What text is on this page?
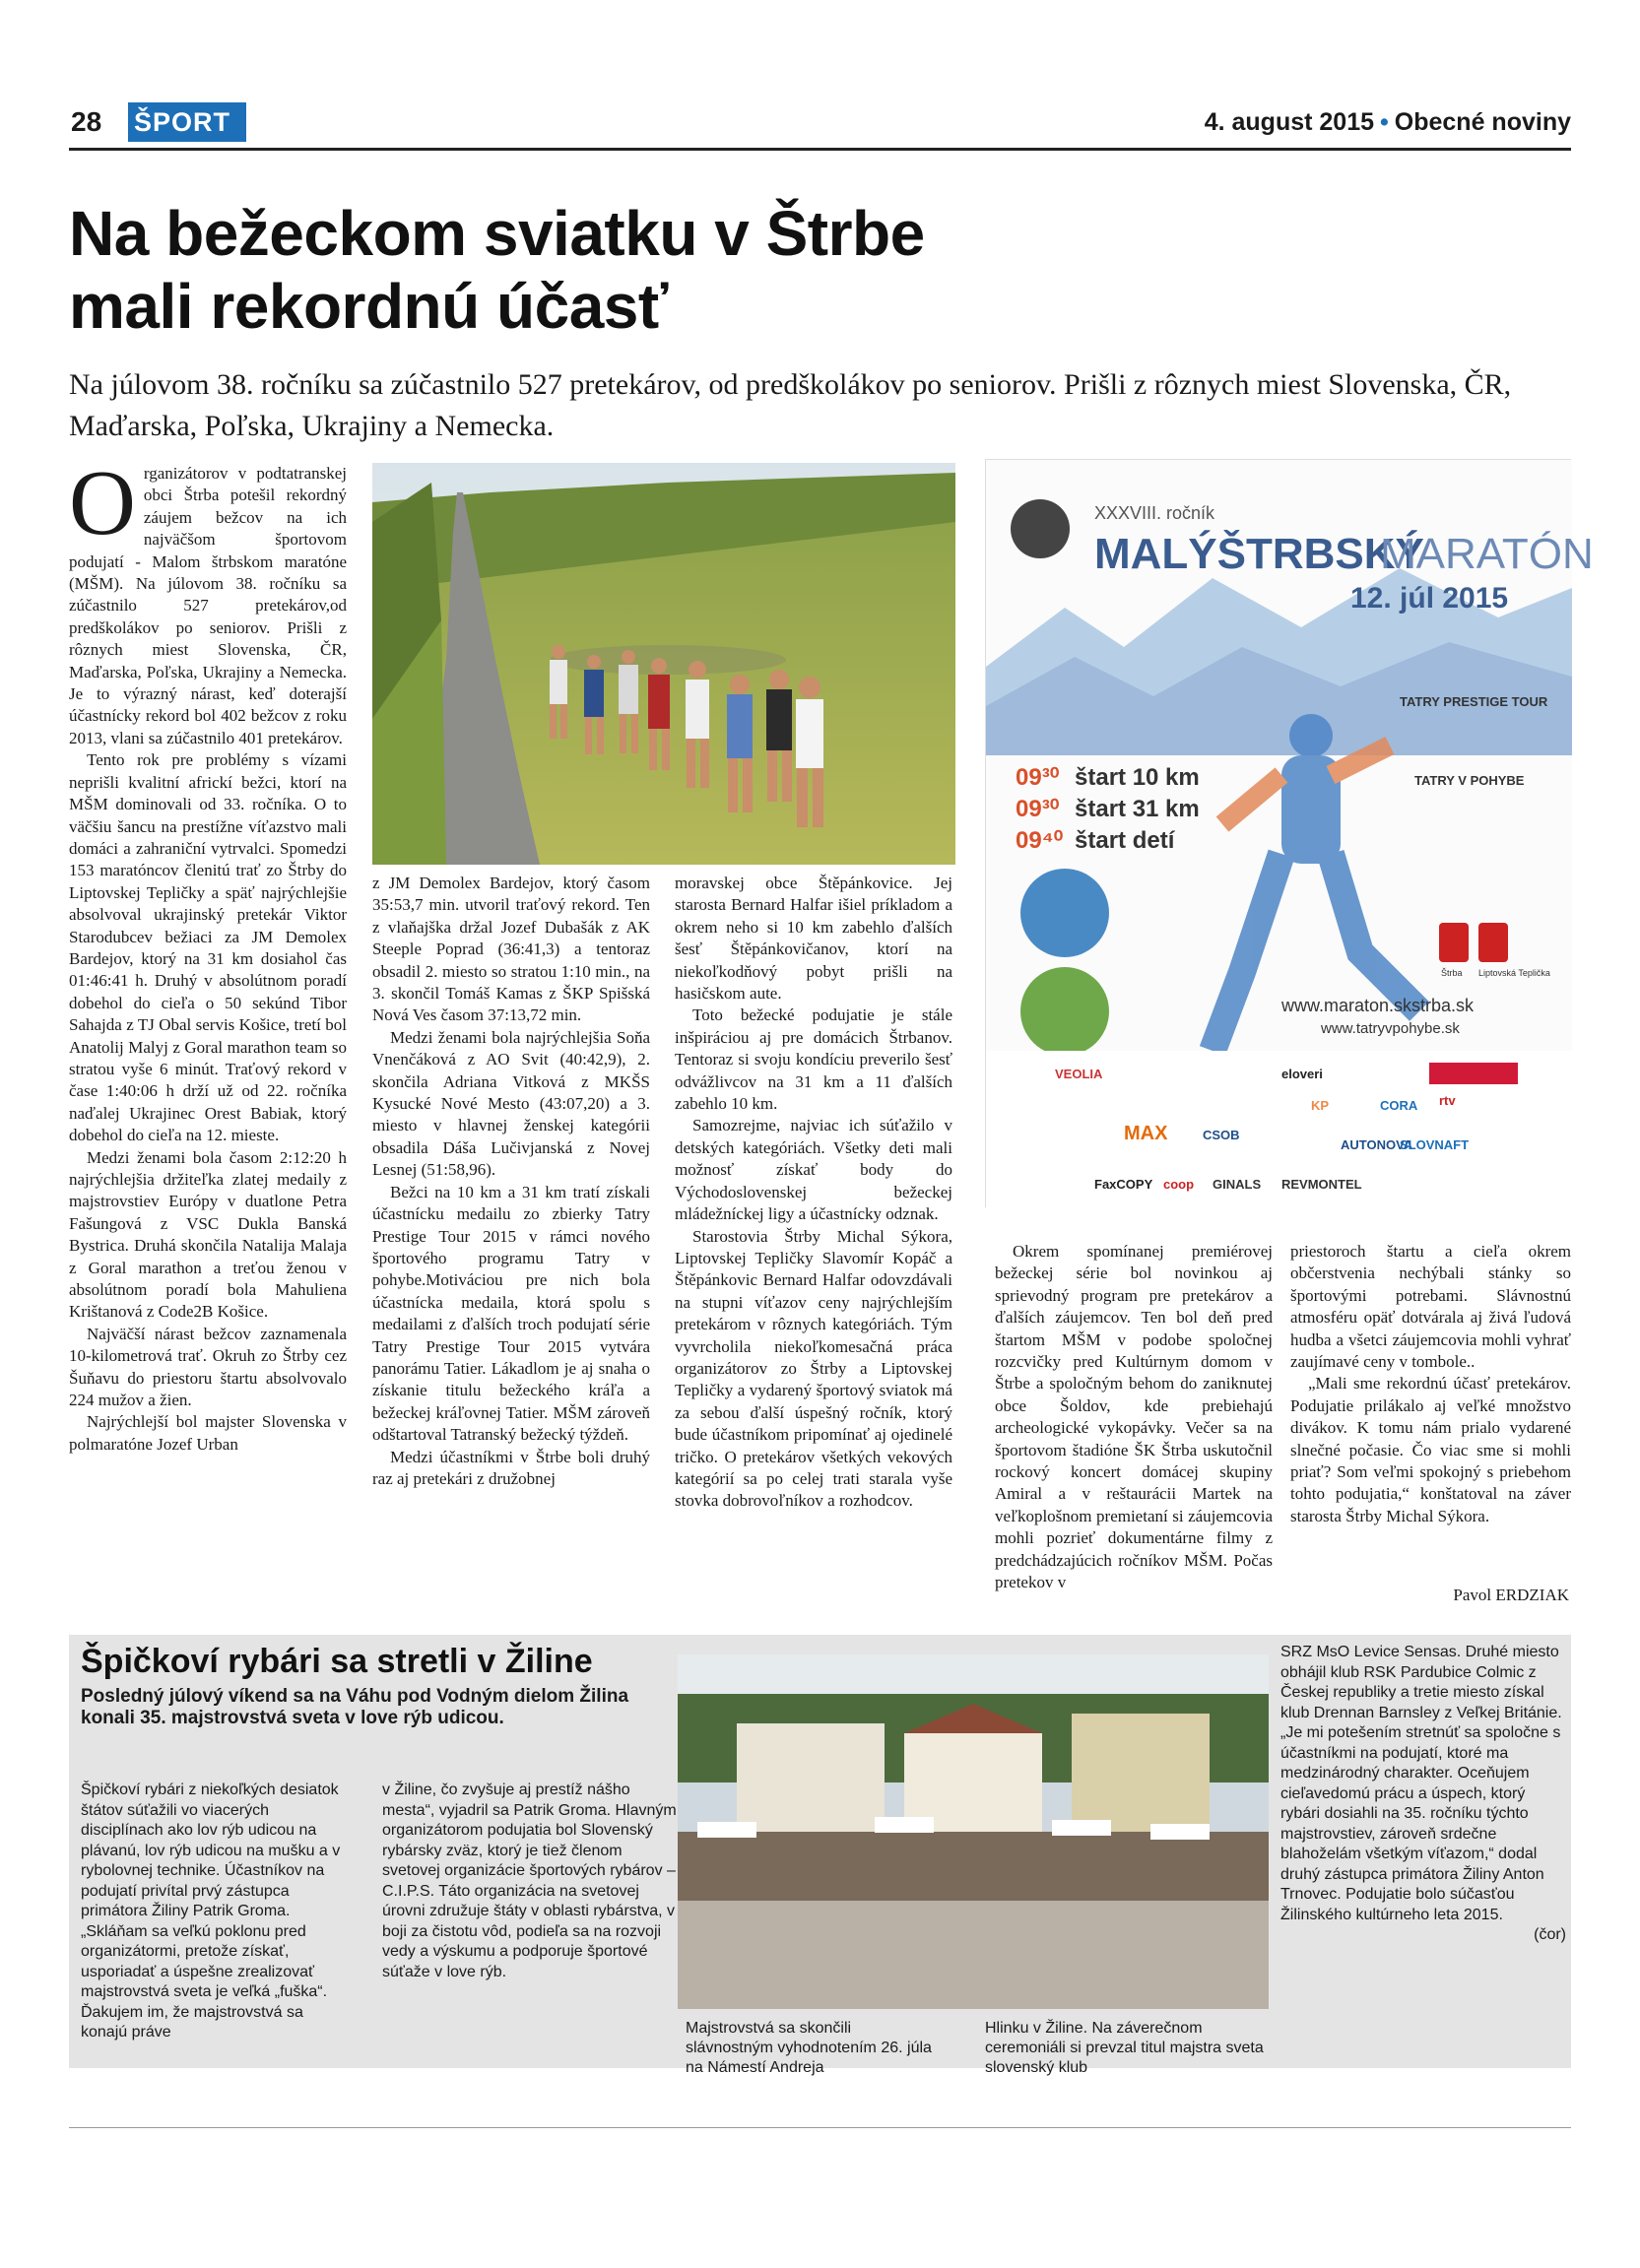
28 ŠPORT	4. august 2015 • Obecné noviny
Na bežeckom sviatku v Štrbe
mali rekordnú účasť
Na júlovom 38. ročníku sa zúčastnilo 527 pretekárov, od predškolákov po seniorov. Prišli z rôznych miest Slovenska, ČR, Maďarska, Poľska, Ukrajiny a Nemecka.

Organizátorov v podtatranskej obci Štrba potešil rekordný záujem bežcov na ich najväčšom športovom podujatí - Malom štrbskom maratóne (MŠM). Na júlovom 38. ročníku sa zúčastnilo 527 pretekárov,od predškolákov po seniorov. Prišli z rôznych miest Slovenska, ČR, Maďarska, Poľska, Ukrajiny a Nemecka. Je to výrazný nárast, keď doterajší účastnícky rekord bol 402 bežcov z roku 2013, vlani sa zúčastnilo 401 pretekárov.

Tento rok pre problémy s vízami neprišli kvalitní africkí bežci, ktorí na MŠM dominovali od 33. ročníka. O to väčšiu šancu na prestížne víťazstvo mali domáci a zahraniční vytrvalci. Spomedzi 153 maratóncov členitú trať zo Štrby do Liptovskej Tepličky a späť najrýchlejšie absolvoval ukrajinský pretekár Viktor Starodubcev bežiaci za JM Demolex Bardejov, ktorý na 31 km dosiahol čas 01:46:41 h. Druhý v absolútnom poradí dobehol do cieľa o 50 sekúnd Tibor Sahajda z TJ Obal servis Košice, tretí bol Anatolij Malyj z Goral marathon team so stratou vyše 6 minút. Traťový rekord v čase 1:40:06 h drží už od 22. ročníka naďalej Ukrajinec Orest Babiak, ktorý dobehol do cieľa na 12. mieste.

Medzi ženami bola časom 2:12:20 h najrýchlejšia držiteľka zlatej medaily z majstrovstiev Európy v duatlone Petra Fašungová z VSC Dukla Banská Bystrica. Druhá skončila Natalija Malaja z Goral marathon a treťou ženou v absolútnom poradí bola Mahuliena Krištanová z Code2B Košice.

Najväčší nárast bežcov zaznamenala 10-kilometrová trať. Okruh zo Štrby cez Šuňavu do priestoru štartu absolvovalo 224 mužov a žien.

Najrýchlejší bol majster Slovenska v polmaratóne Jozef Urban

XXXVIII. ročník
MALÝŠTRBSKÝ
MARATÓN
12. júl 2015
09³⁰ štart 10 km
09³⁰ štart 31 km
09⁴⁰ štart detí
TATRY PRESTIGE TOUR
TATRY V POHYBE
Štrba Liptovská Teplička
www.maraton.skstrba.sk
www.tatryvpohybe.sk
VEOLIA	eloveri
MAX
rtv
CORA
FaxCOPY coop GINALS REVMONTEL
KP
CSOB
AUTONOVA
SLOVNAFT

z JM Demolex Bardejov, ktorý časom 35:53,7 min. utvoril traťový rekord. Ten z vlaňajška držal Jozef Dubašák z AK Steeple Poprad (36:41,3) a tentoraz obsadil 2. miesto so stratou 1:10 min., na 3. skončil Tomáš Kamas z ŠKP Spišská Nová Ves časom 37:13,72 min.

Medzi ženami bola najrýchlejšia Soňa Vnenčáková z AO Svit (40:42,9), 2. skončila Adriana Vitková z MKŠS Kysucké Nové Mesto (43:07,20) a 3. miesto v hlavnej ženskej kategórii obsadila Dáša Lučivjanská z Novej Lesnej (51:58,96).

Bežci na 10 km a 31 km tratí získali účastnícku medailu zo zbierky Tatry Prestige Tour 2015 v rámci nového športového programu Tatry v pohybe.Motiváciou pre nich bola účastnícka medaila, ktorá spolu s medailami z ďalších troch podujatí série Tatry Prestige Tour 2015 vytvára panorámu Tatier. Lákadlom je aj snaha o získanie titulu bežeckého kráľa a bežeckej kráľovnej Tatier. MŠM zároveň odštartoval Tatranský bežecký týždeň.

Medzi účastníkmi v Štrbe boli druhý raz aj pretekári z družobnej

moravskej obce Štěpánkovice. Jej starosta Bernard Halfar išiel príkladom a okrem neho si 10 km zabehlo ďalších šesť Štěpánkovičanov, ktorí na niekoľkodňový pobyt prišli na hasičskom aute.

Toto bežecké podujatie je stále inšpiráciou aj pre domácich Štrbanov. Tentoraz si svoju kondíciu preverilo šesť odvážlivcov na 31 km a 11 ďalších zabehlo 10 km.

Samozrejme, najviac ich súťažilo v detských kategóriách. Všetky deti mali možnosť získať body do Východoslovenskej bežeckej mládežníckej ligy a účastnícky odznak.

Starostovia Štrby Michal Sýkora, Liptovskej Tepličky Slavomír Kopáč a Štěpánkovic Bernard Halfar odovzdávali na stupni víťazov ceny najrýchlejším pretekárom v rôznych kategóriách. Tým vyvrcholila niekoľkomesačná práca organizátorov zo Štrby a Liptovskej Tepličky a vydarený športový sviatok má za sebou ďalší úspešný ročník, ktorý bude účastníkom pripomínať aj ojedinelé tričko. O pretekárov všetkých vekových kategórií sa po celej trati starala vyše stovka dobrovoľníkov a rozhodcov.

Okrem spomínanej premiérovej bežeckej série bol novinkou aj sprievodný program pre pretekárov a ďalších záujemcov. Ten bol deň pred štartom MŠM v podobe spoločnej rozcvičky pred Kultúrnym domom v Štrbe a spoločným behom do zaniknutej obce Šoldov, kde prebiehajú archeologické vykopávky. Večer sa na športovom štadióne ŠK Štrba uskutočnil rockový koncert domácej skupiny Amiral a v reštaurácii Martek na veľkoplošnom premietaní si záujemcovia mohli pozrieť dokumentárne filmy z predchádzajúcich ročníkov MŠM. Počas pretekov v

priestoroch štartu a cieľa okrem občerstvenia nechýbali stánky so športovými potrebami. Slávnostnú atmosféru opäť dotvárala aj živá ľudová hudba a všetci záujemcovia mohli vyhrať zaujímavé ceny v tombole..

„Mali sme rekordnú účasť pretekárov. Podujatie prilákalo aj veľké množstvo divákov. K tomu nám prialo vydarené slnečné počasie. Čo viac sme si mohli priať? Som veľmi spokojný s priebehom tohto podujatia,“ konštatoval na záver starosta Štrby Michal Sýkora.

Pavol ERDZIAK
Špičkoví rybári sa stretli v Žiline
Posledný júlový víkend sa na Váhu pod Vodným dielom Žilina konali 35. majstrovstvá sveta v love rýb udicou.
Špičkoví rybári z niekoľkých desiatok štátov súťažili vo viacerých disciplínach ako lov rýb udicou na plávanú, lov rýb udicou na mušku a v rybolovnej technike. Účastníkov na podujatí privítal prvý zástupca primátora Žiliny Patrik Groma. „Skláňam sa veľkú poklonu pred organizátormi, pretože získať, usporiadať a úspešne zrealizovať majstrovstvá sveta je veľká „fuška“. Ďakujem im, že majstrovstvá sa konajú práve
v Žiline, čo zvyšuje aj prestíž nášho mesta“, vyjadril sa Patrik Groma. Hlavným organizátorom podujatia bol Slovenský rybársky zväz, ktorý je tiež členom svetovej organizácie športových rybárov – C.I.P.S. Táto organizácia na svetovej úrovni združuje štáty v oblasti rybárstva, v boji za čistotu vôd, podieľa sa na rozvoji vedy a výskumu a podporuje športové súťaže v love rýb.
Majstrovstvá sa skončili slávnostným vyhodnotením 26. júla na Námestí Andreja
Hlinku v Žiline. Na záverečnom ceremoniáli si prevzal titul majstra sveta slovenský klub
SRZ MsO Levice Sensas. Druhé miesto obhájil klub RSK Pardubice Colmic z Českej republiky a tretie miesto získal klub Drennan Barnsley z Veľkej Británie. „Je mi potešením stretnúť sa spoločne s účastníkmi na podujatí, ktoré ma medzinárodný charakter. Oceňujem cieľavedomú prácu a úspech, ktorý rybári dosiahli na 35. ročníku týchto majstrovstiev, zároveň srdečne blahoželám všetkým víťazom,“ dodal druhý zástupca primátora Žiliny Anton Trnovec. Podujatie bolo súčasťou Žilinského kultúrneho leta 2015.
(čor)
